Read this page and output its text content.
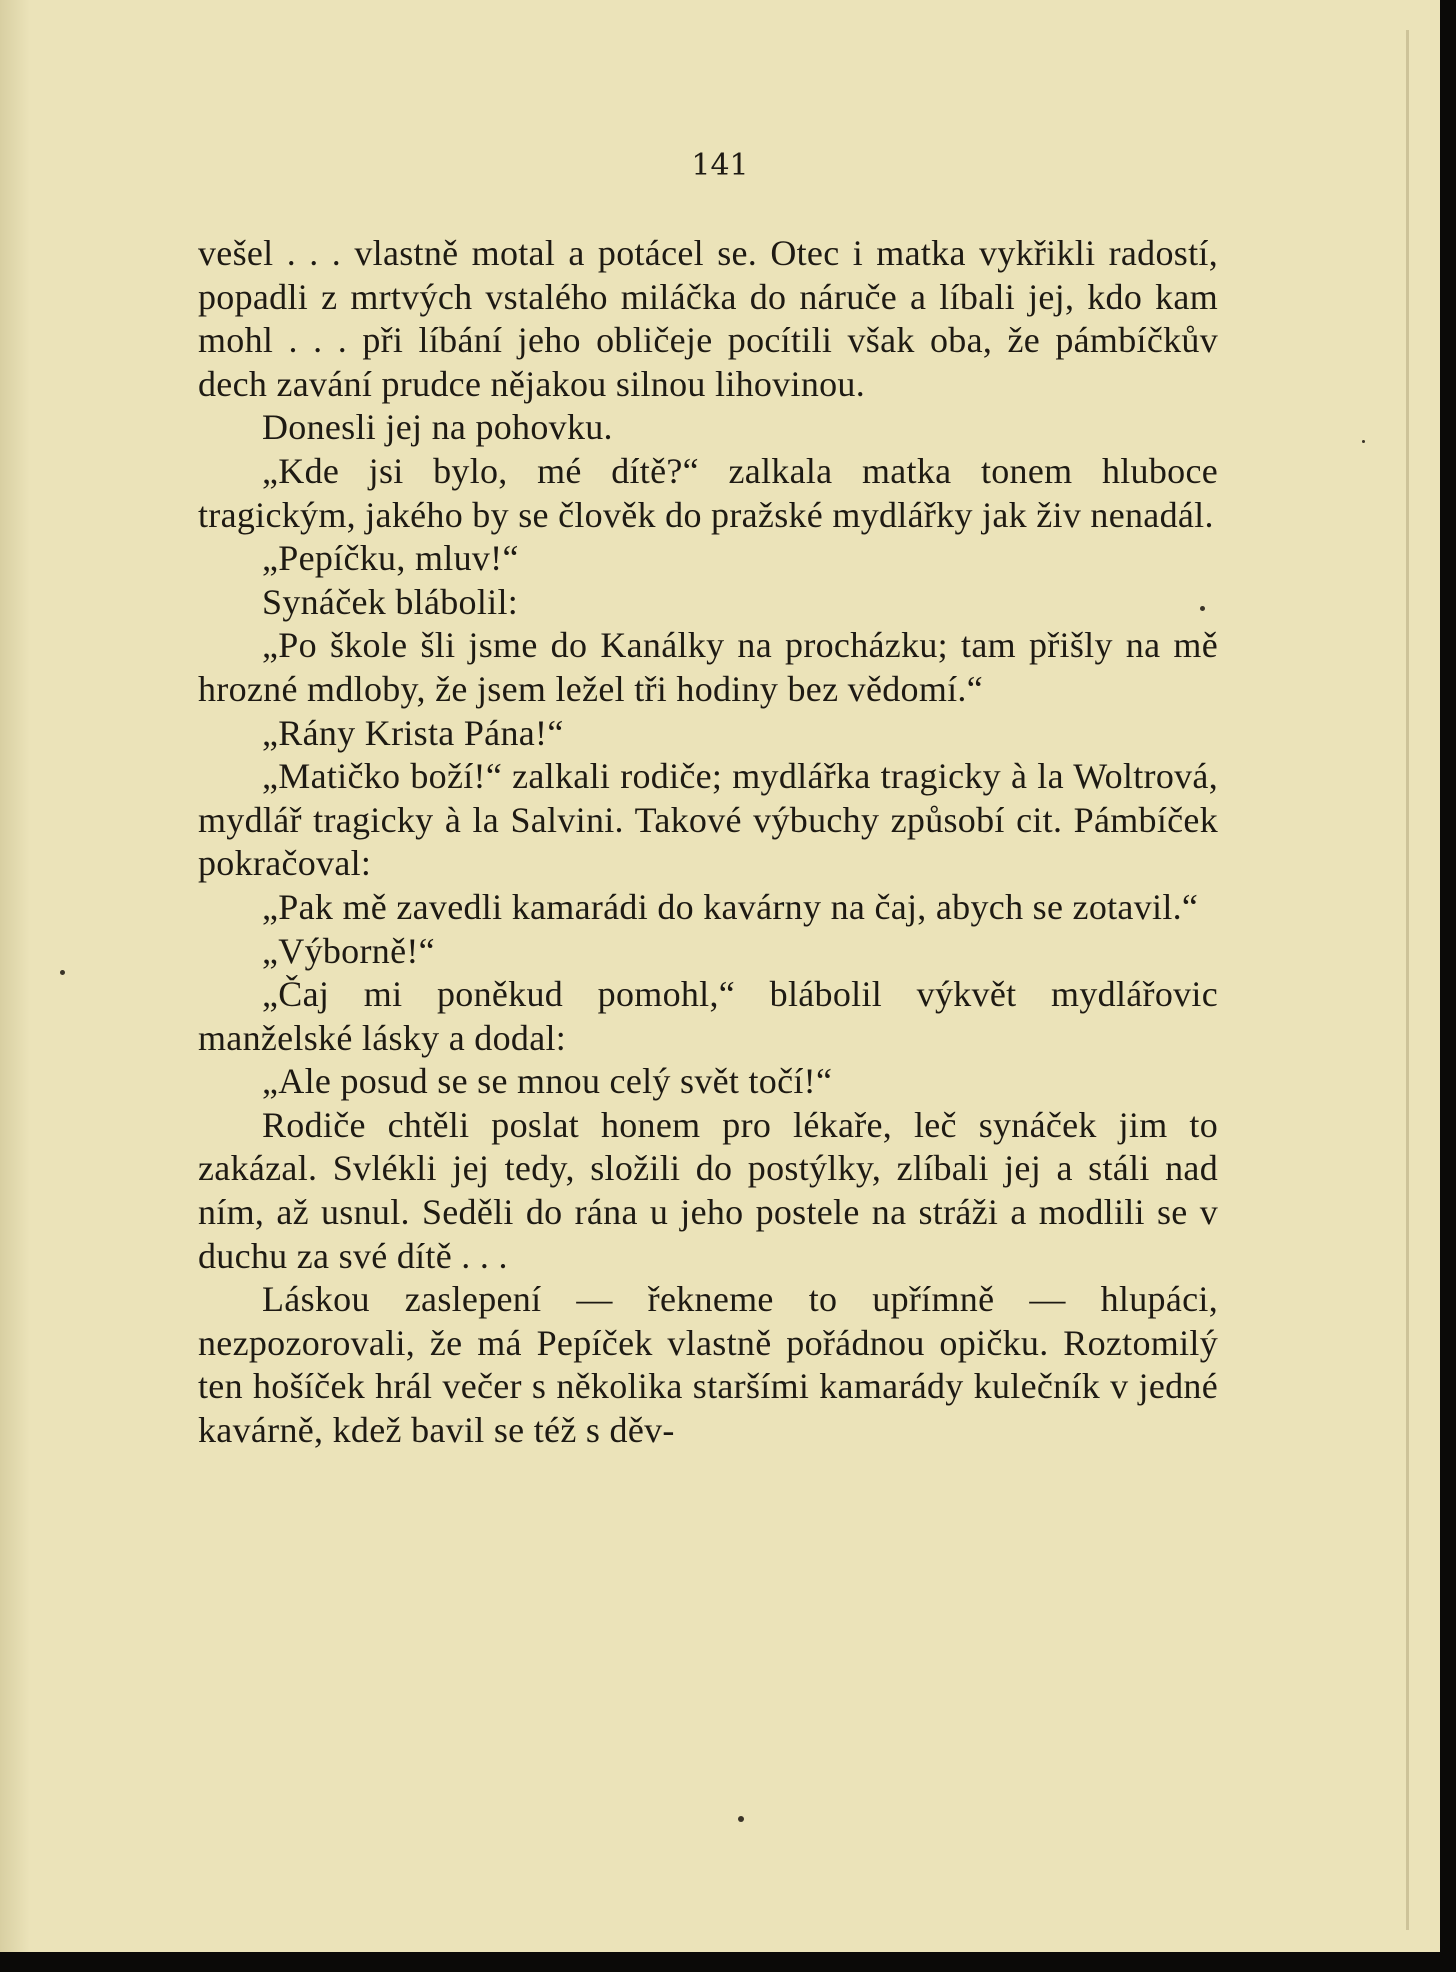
141

vešel . . . vlastně motal a potácel se. Otec i matka vykřikli radostí, popadli z mrtvých vstalého miláčka do náruče a líbali jej, kdo kam mohl . . . při líbání jeho obličeje pocítili však oba, že pámbíčkův dech zavání prudce nějakou silnou lihovinou.

Donesli jej na pohovku.

„Kde jsi bylo, mé dítě?“ zalkala matka tonem hluboce tragickým, jakého by se člověk do pražské mydlářky jak živ nenadál.

„Pepíčku, mluv!“

Synáček blábolil:

„Po škole šli jsme do Kanálky na procházku; tam přišly na mě hrozné mdloby, že jsem ležel tři hodiny bez vědomí.“

„Rány Krista Pána!“

„Matičko boží!“ zalkali rodiče; mydlářka tragicky à la Woltrová, mydlář tragicky à la Salvini. Takové výbuchy způsobí cit. Pámbíček pokračoval:

„Pak mě zavedli kamarádi do kavárny na čaj, abych se zotavil.“

„Výborně!“

„Čaj mi poněkud pomohl,“ blábolil výkvět mydlářovic manželské lásky a dodal:

„Ale posud se se mnou celý svět točí!“

Rodiče chtěli poslat honem pro lékaře, leč synáček jim to zakázal. Svlékli jej tedy, složili do postýlky, zlíbali jej a stáli nad ním, až usnul. Seděli do rána u jeho postele na stráži a modlili se v duchu za své dítě . . .

Láskou zaslepení — řekneme to upřímně — hlupáci, nezpozorovali, že má Pepíček vlastně pořádnou opičku. Roztomilý ten hošíček hrál večer s několika staršími kamarády kulečník v jedné kavárně, kdež bavil se též s děv-
